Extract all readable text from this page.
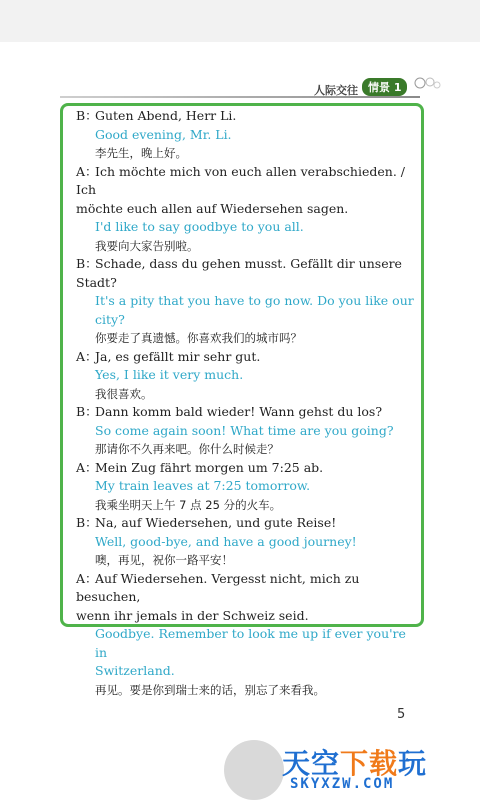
人际交往 情景 1
B：Guten Abend, Herr Li.
Good evening, Mr. Li.
李先生，晚上好。
A：Ich möchte mich von euch allen verabschieden. / Ich
möchte euch allen auf Wiedersehen sagen.
I'd like to say goodbye to you all.
我要向大家告别啦。
B：Schade, dass du gehen musst. Gefällt dir unsere Stadt?
It's a pity that you have to go now. Do you like our
city?
你要走了真遗憾。你喜欢我们的城市吗？
A：Ja, es gefällt mir sehr gut.
Yes, I like it very much.
我很喜欢。
B：Dann komm bald wieder! Wann gehst du los?
So come again soon! What time are you going?
那请你不久再来吧。你什么时候走？
A：Mein Zug fährt morgen um 7:25 ab.
My train leaves at 7:25 tomorrow.
我乘坐明天上午 7 点 25 分的火车。
B：Na, auf Wiedersehen, und gute Reise!
Well, good-bye, and have a good journey!
噢，再见，祝你一路平安！
A：Auf Wiedersehen. Vergesst nicht, mich zu besuchen,
wenn ihr jemals in der Schweiz seid.
Goodbye. Remember to look me up if ever you're in
Switzerland.
再见。要是你到瑞士来的话，别忘了来看我。
5
天空下载玩
SKYXZW.COM
